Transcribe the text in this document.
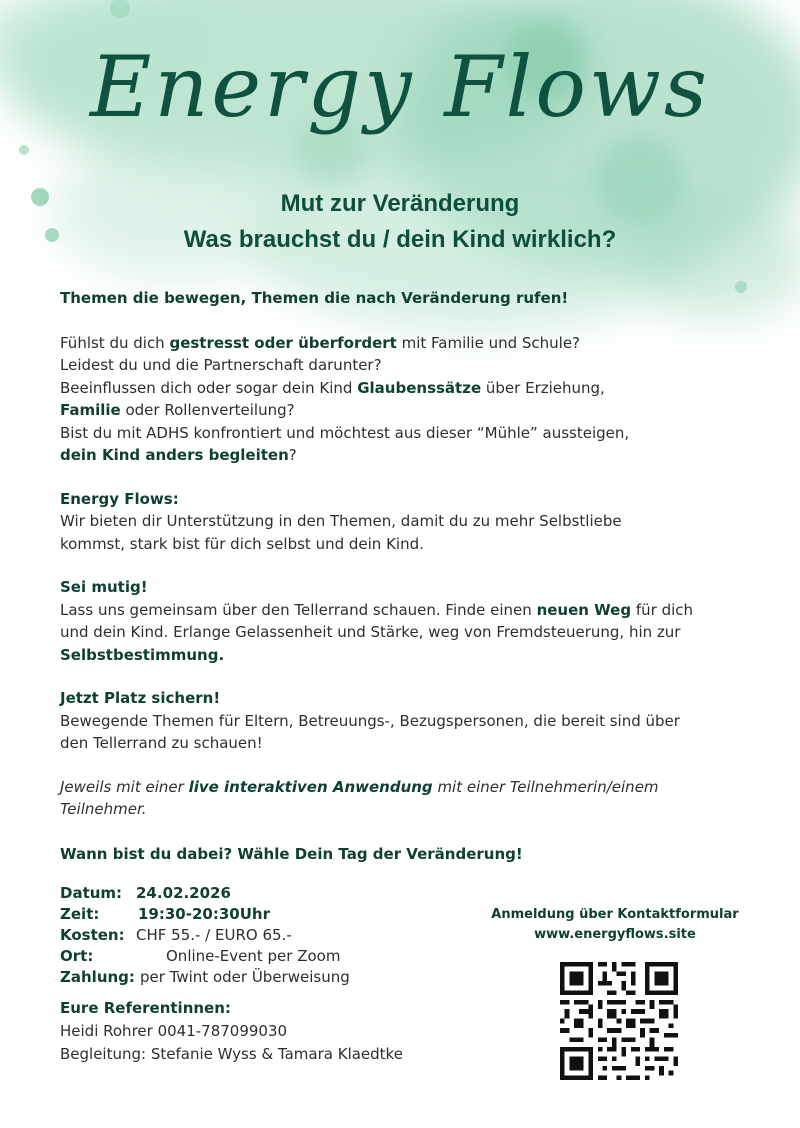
Energy Flows
Mut zur Veränderung
Was brauchst du / dein Kind wirklich?

Themen die bewegen, Themen die nach Veränderung rufen!

Fühlst du dich gestresst oder überfordert mit Familie und Schule?

Leidest du und die Partnerschaft darunter?

Beeinflussen dich oder sogar dein Kind Glaubenssätze über Erziehung,

Familie oder Rollenverteilung?

Bist du mit ADHS konfrontiert und möchtest aus dieser “Mühle” aussteigen,

dein Kind anders begleiten?

Energy Flows:

Wir bieten dir Unterstützung in den Themen, damit du zu mehr Selbstliebe

kommst, stark bist für dich selbst und dein Kind.

Sei mutig!

Lass uns gemeinsam über den Tellerrand schauen. Finde einen neuen Weg für dich

und dein Kind. Erlange Gelassenheit und Stärke, weg von Fremdsteuerung, hin zur

Selbstbestimmung.

Jetzt Platz sichern!

Bewegende Themen für Eltern, Betreuungs-, Bezugspersonen, die bereit sind über

den Tellerrand zu schauen!

Jeweils mit einer live interaktiven Anwendung mit einer Teilnehmerin/einem

Teilnehmer.

Wann bist du dabei? Wähle Dein Tag der Veränderung!

Datum: 24.02.2026
Zeit:	19:30-20:30Uhr
Kosten: CHF 55.- / EURO 65.-
Ort:	Online-Event per Zoom
Zahlung: per Twint oder Überweisung
Eure Referentinnen:
Heidi Rohrer 0041-787099030
Begleitung: Stefanie Wyss & Tamara Klaedtke
Anmeldung über Kontaktformular
www.energyflows.site
